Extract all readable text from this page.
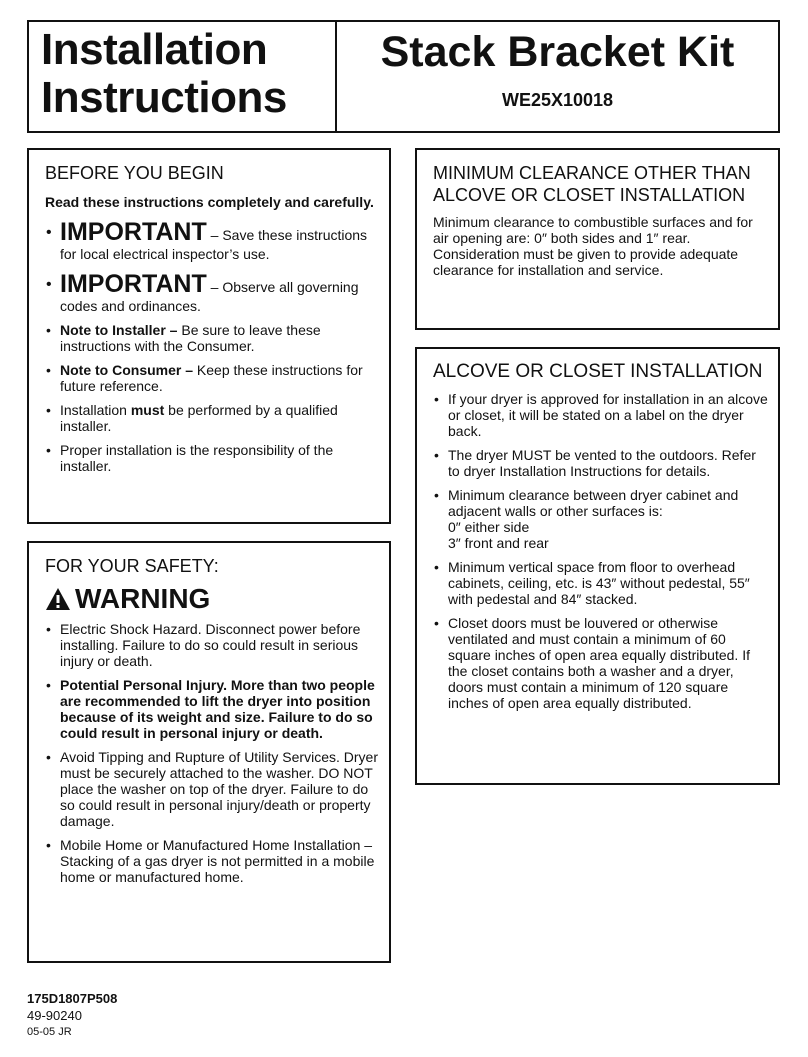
Installation
Instructions
Stack Bracket Kit
WE25X10018
BEFORE YOU BEGIN
Read these instructions completely and carefully.
• IMPORTANT – Save these instructions for local electrical inspector’s use.
• IMPORTANT – Observe all governing codes and ordinances.
• Note to Installer – Be sure to leave these instructions with the Consumer.
• Note to Consumer – Keep these instructions for future reference.
• Installation must be performed by a qualified installer.
• Proper installation is the responsibility of the installer.
FOR YOUR SAFETY:
WARNING
• Electric Shock Hazard. Disconnect power before installing. Failure to do so could result in serious injury or death.
• Potential Personal Injury. More than two people are recommended to lift the dryer into position because of its weight and size. Failure to do so could result in personal injury or death.
• Avoid Tipping and Rupture of Utility Services. Dryer must be securely attached to the washer. DO NOT place the washer on top of the dryer. Failure to do so could result in personal injury/death or property damage.
• Mobile Home or Manufactured Home Installation – Stacking of a gas dryer is not permitted in a mobile home or manufactured home.
MINIMUM CLEARANCE OTHER THAN ALCOVE OR CLOSET INSTALLATION
Minimum clearance to combustible surfaces and for air opening are: 0″ both sides and 1″ rear. Consideration must be given to provide adequate clearance for installation and service.
ALCOVE OR CLOSET INSTALLATION
• If your dryer is approved for installation in an alcove or closet, it will be stated on a label on the dryer back.
• The dryer MUST be vented to the outdoors. Refer to dryer Installation Instructions for details.
• Minimum clearance between dryer cabinet and adjacent walls or other surfaces is:
0″ either side
3″ front and rear
• Minimum vertical space from floor to overhead cabinets, ceiling, etc. is 43″ without pedestal, 55″ with pedestal and 84″ stacked.
• Closet doors must be louvered or otherwise ventilated and must contain a minimum of 60 square inches of open area equally distributed. If the closet contains both a washer and a dryer, doors must contain a minimum of 120 square inches of open area equally distributed.
175D1807P508
49-90240
05-05 JR
